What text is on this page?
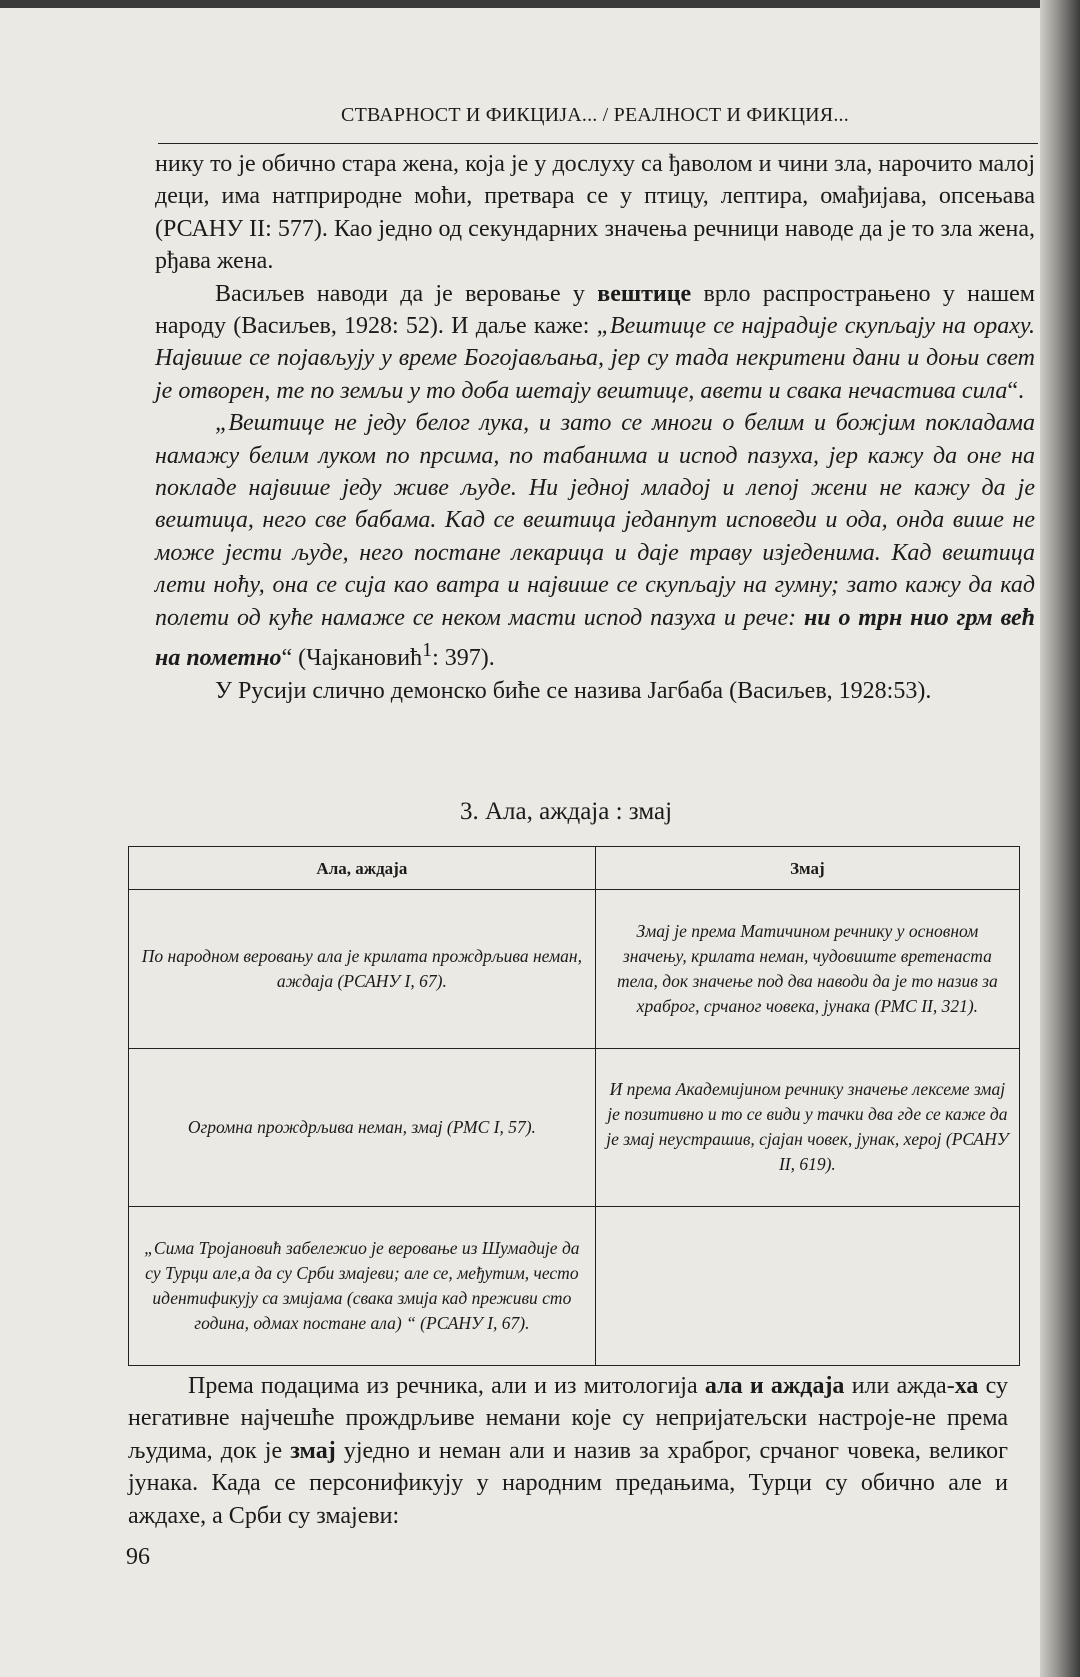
СТВАРНОСТ И ФИКЦИЈА... / РЕАЛНОСТ И ФИКЦИЯ...

нику то је обично стара жена, која је у дослуху са ђаволом и чини зла, нарочито малој деци, има натприродне моћи, претвара се у птицу, лептира, омађијава, опсењава (РСАНУ II: 577). Као једно од секундарних значења речници наводе да је то зла жена, рђава жена.

Васиљев наводи да је веровање у вештице врло распрострањено у нашем народу (Васиљев, 1928: 52). И даље каже: „Вештице се најрадије скупљају на ораху. Највише се појављују у време Богојављања, јер су тада некритени дани и доњи свет је отворен, те по земљи у то доба шетају вештице, авети и свака нечастива сила“.

„Вештице не једу белог лука, и зато се многи о белим и божјим покладама намажу белим луком по прсима, по табанима и испод пазуха, јер кажу да оне на покладе највише једу живе људе. Ни једној младој и лепој жени не кажу да је вештица, него све бабама. Кад се вештица једанпут исповеди и ода, онда више не може јести људе, него постане лекарица и даје траву изједенима. Кад вештица лети ноћу, она се сија као ватра и највише се скупљају на гумну; зато кажу да кад полети од куће намаже се неком масти испод пазуха и рече: ни о трн нио грм већ на пометно“ (Чајкановић$^1$: 397).

У Русији слично демонско биће се назива Јагбаба (Васиљев, 1928:53).

3. Ала, аждаја : змај
Ала, аждаја	Змај
По народном веровању ала је крилата прождрљива неман, аждаја (РСАНУ I, 67).	Змај је према Матичином речнику у основном значењу, крилата неман, чудовиште вретенаста тела, док значење под два наводи да је то назив за храброг, срчаног човека, јунака (РМС II, 321).
Огромна прождрљива неман, змај (РМС I, 57).	И према Академијином речнику значење лексеме змај је позитивно и то се види у тачки два где се каже да је змај неустрашив, сјајан човек, јунак, херој (РСАНУ II, 619).
„Сима Тројановић забележио је веровање из Шумадије да су Турци але,а да су Срби змајеви; але се, међутим, често идентификују са змијама (свака змија кад преживи сто година, одмах постане ала) “ (РСАНУ I, 67).	

Према подацима из речника, али и из митологија ала и аждаја или ажда-ха су негативне најчешће прождрљиве немани које су непријатељски настроје-не према људима, док је змај уједно и неман али и назив за храброг, срчаног човека, великог јунака. Када се персонификују у народним предањима, Турци су обично але и аждахе, а Срби су змајеви:

96
